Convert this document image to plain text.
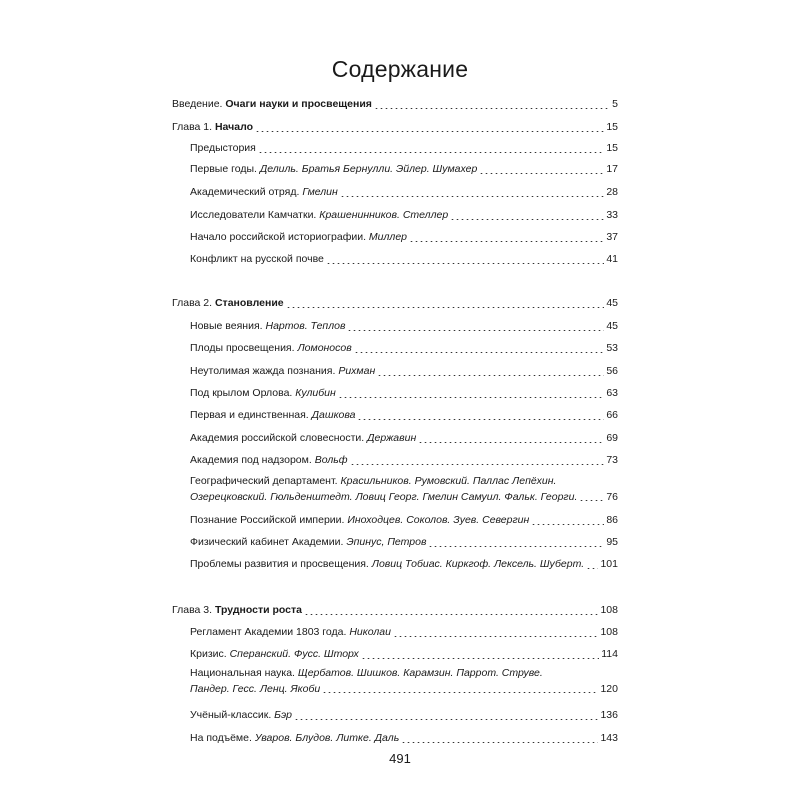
Содержание
Введение. Очаги науки и просвещения	5
Глава 1. Начало	15
Предыстория	15
Первые годы. Делиль. Братья Бернулли. Эйлер. Шумахер	17
Академический отряд. Гмелин	28
Исследователи Камчатки. Крашенинников. Стеллер	33
Начало российской историографии. Миллер	37
Конфликт на русской почве	41
Глава 2. Становление	45
Новые веяния. Нартов. Теплов	45
Плоды просвещения. Ломоносов	53
Неутолимая жажда познания. Рихман	56
Под крылом Орлова. Кулибин	63
Первая и единственная. Дашкова	66
Академия российской словесности. Державин	69
Академия под надзором. Вольф	73
Географический департамент. Красильников. Румовский. Паллас Лепёхин.
Озерецковский. Гюльденштедт. Ловиц Георг. Гмелин Самуил. Фальк. Георги.	76
Познание Российской империи. Иноходцев. Соколов. Зуев. Севергин	86
Физический кабинет Академии. Эпинус, Петров	95
Проблемы развития и просвещения. Ловиц Тобиас. Киркгоф. Лексель. Шуберт. 101
Глава 3. Трудности роста	108
Регламент Академии 1803 года. Николаи	108
Кризис. Сперанский. Фусс. Шторх	114
Национальная наука. Щербатов. Шишков. Карамзин. Паррот. Струве.
Пандер. Гесс. Ленц. Якоби	120
Учёный-классик. Бэр	136
На подъёме. Уваров. Блудов. Литке. Даль	143
491
